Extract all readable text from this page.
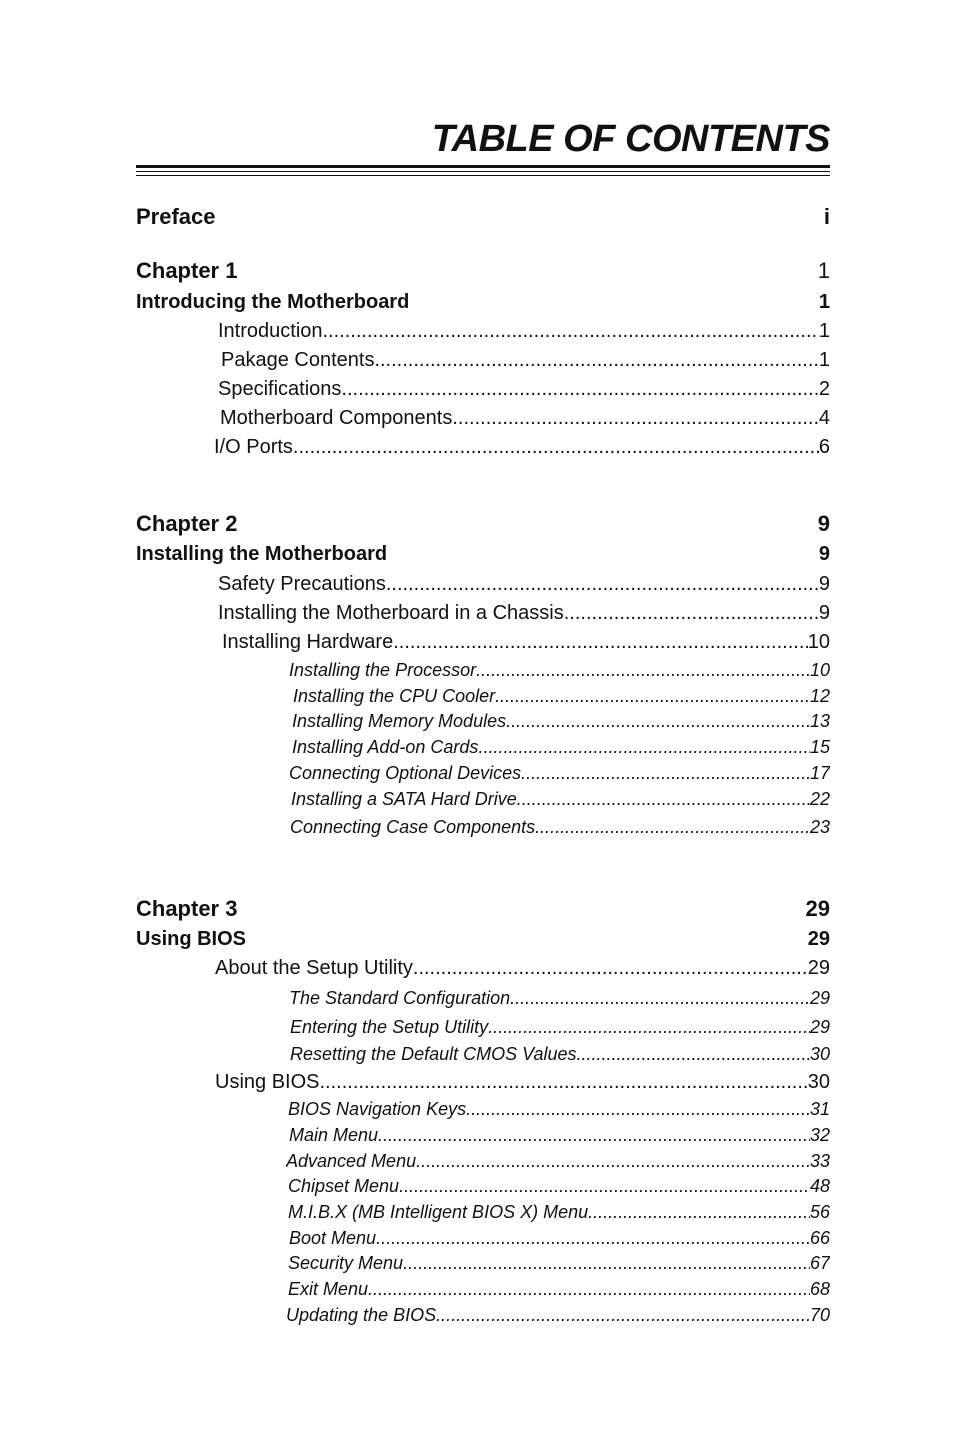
TABLE OF CONTENTS
Preface	i
Chapter 1	1
Introducing the Motherboard	1
Introduction .....	1
Pakage Contents .....	1
Specifications .....	2
Motherboard Components .....	4
I/O Ports .....	6
Chapter 2	9
Installing the Motherboard	9
Safety Precautions .....	9
Installing the Motherboard in a Chassis .....	9
Installing Hardware .....	10
Installing the Processor .....	10
Installing the CPU Cooler .....	12
Installing Memory Modules .....	13
Installing Add-on Cards .....	15
Connecting Optional Devices .....	17
Installing a SATA Hard Drive .....	22
Connecting Case Components .....	23
Chapter 3	29
Using BIOS	29
About the Setup Utility .....	29
The Standard Configuration .....	29
Entering the Setup Utility .....	29
Resetting the Default CMOS Values .....	30
Using BIOS .....	30
BIOS Navigation Keys .....	31
Main Menu .....	32
Advanced Menu .....	33
Chipset Menu .....	48
M.I.B.X (MB Intelligent BIOS X) Menu .....	56
Boot Menu .....	66
Security Menu .....	67
Exit Menu .....	68
Updating the BIOS .....	70
